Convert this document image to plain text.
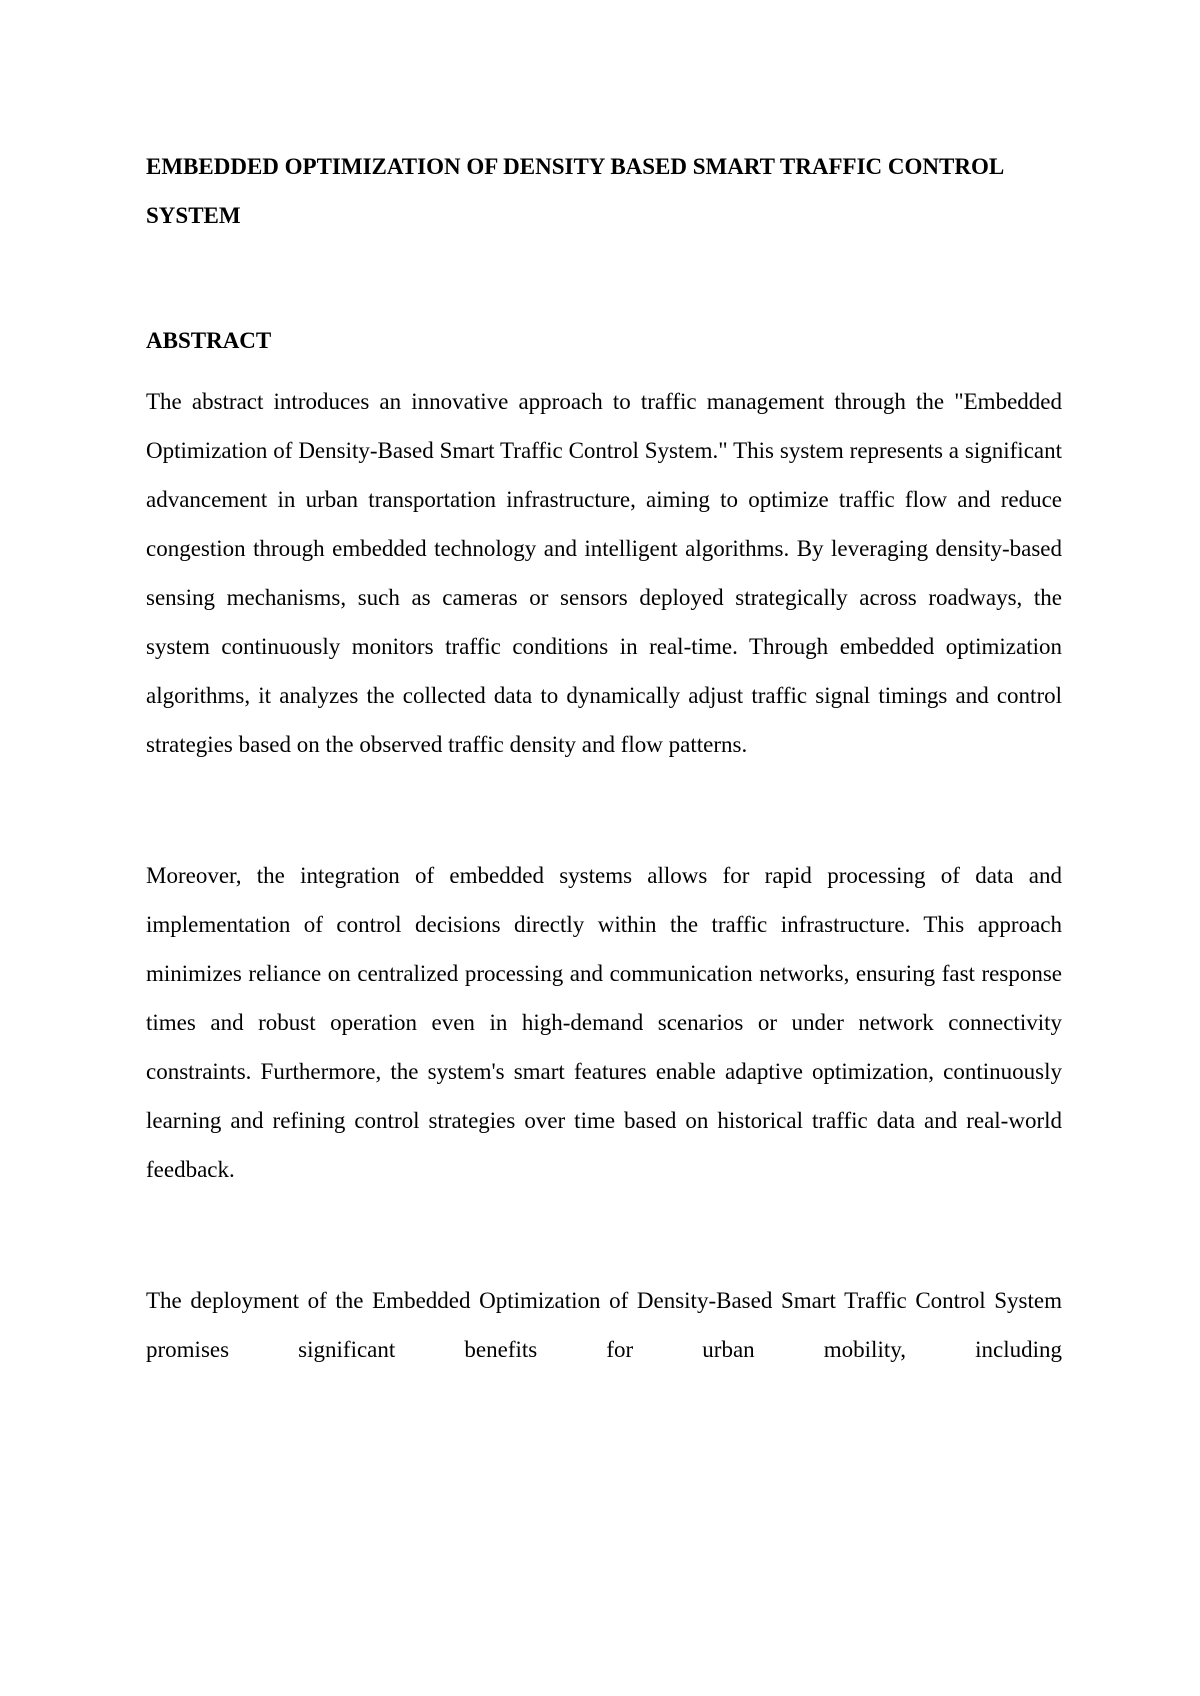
EMBEDDED OPTIMIZATION OF DENSITY BASED SMART TRAFFIC CONTROL SYSTEM
ABSTRACT

The abstract introduces an innovative approach to traffic management through the "Embedded Optimization of Density-Based Smart Traffic Control System." This system represents a significant advancement in urban transportation infrastructure, aiming to optimize traffic flow and reduce congestion through embedded technology and intelligent algorithms. By leveraging density-based sensing mechanisms, such as cameras or sensors deployed strategically across roadways, the system continuously monitors traffic conditions in real-time. Through embedded optimization algorithms, it analyzes the collected data to dynamically adjust traffic signal timings and control strategies based on the observed traffic density and flow patterns.

Moreover, the integration of embedded systems allows for rapid processing of data and implementation of control decisions directly within the traffic infrastructure. This approach minimizes reliance on centralized processing and communication networks, ensuring fast response times and robust operation even in high-demand scenarios or under network connectivity constraints. Furthermore, the system's smart features enable adaptive optimization, continuously learning and refining control strategies over time based on historical traffic data and real-world feedback.

The deployment of the Embedded Optimization of Density-Based Smart Traffic Control System promises significant benefits for urban mobility, including
